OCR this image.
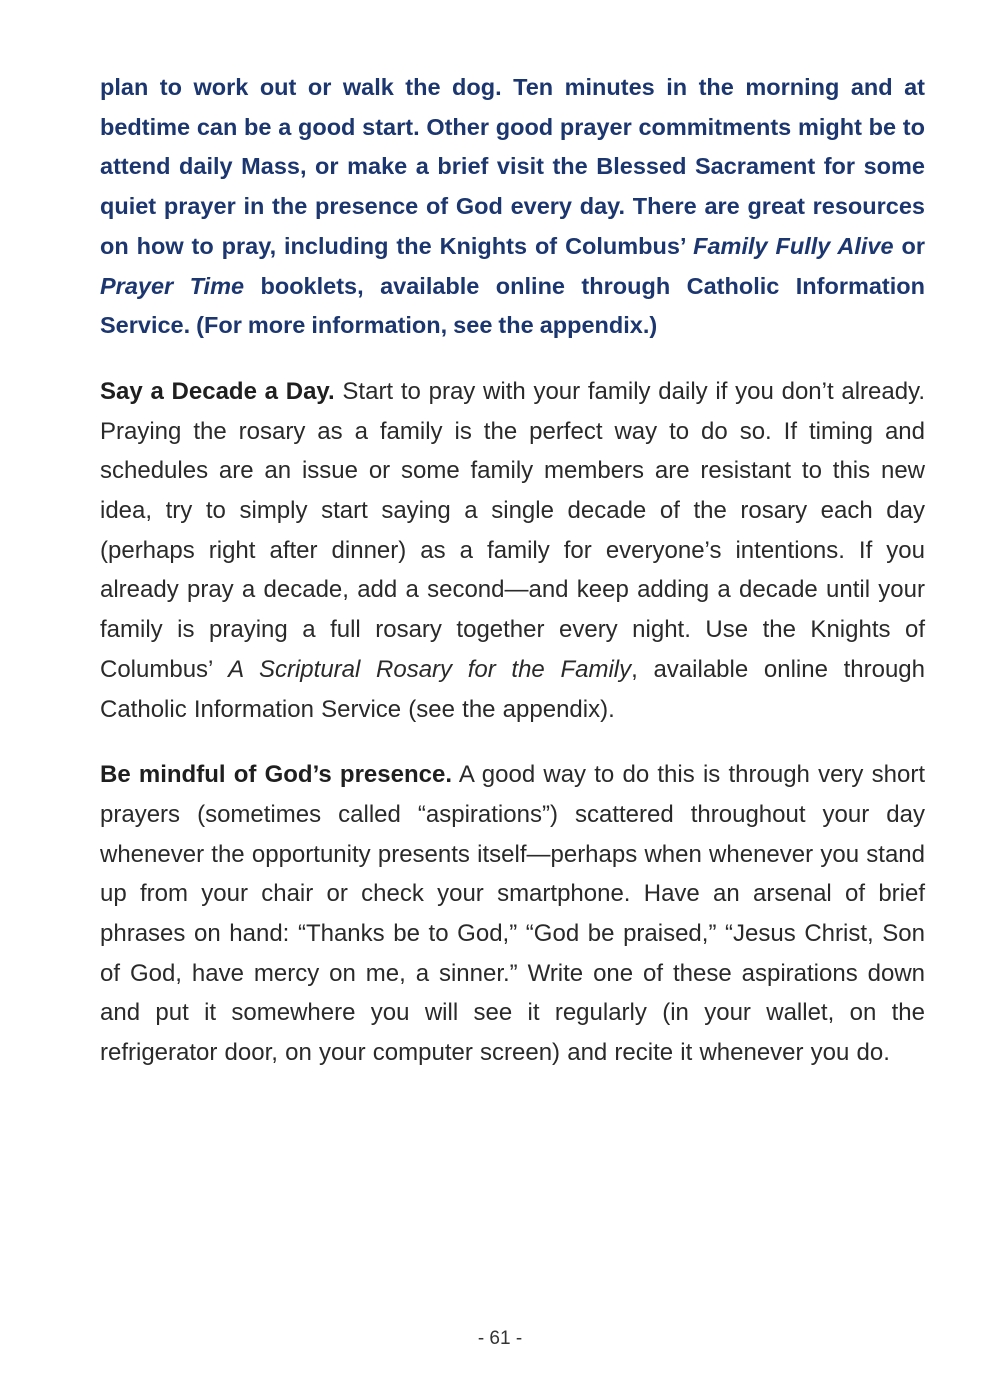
plan to work out or walk the dog. Ten minutes in the morning and at bedtime can be a good start. Other good prayer commitments might be to attend daily Mass, or make a brief visit the Blessed Sacrament for some quiet prayer in the presence of God every day. There are great resources on how to pray, including the Knights of Columbus’ Family Fully Alive or Prayer Time booklets, available online through Catholic Information Service. (For more information, see the appendix.)

Say a Decade a Day. Start to pray with your family daily if you don’t already. Praying the rosary as a family is the perfect way to do so. If timing and schedules are an issue or some family members are resistant to this new idea, try to simply start saying a single decade of the rosary each day (perhaps right after dinner) as a family for everyone’s intentions. If you already pray a decade, add a second—and keep adding a decade until your family is praying a full rosary together every night. Use the Knights of Columbus’ A Scriptural Rosary for the Family, available online through Catholic Information Service (see the appendix).

Be mindful of God’s presence. A good way to do this is through very short prayers (sometimes called “aspirations”) scattered throughout your day whenever the opportunity presents itself—perhaps when whenever you stand up from your chair or check your smartphone. Have an arsenal of brief phrases on hand: “Thanks be to God,” “God be praised,” “Jesus Christ, Son of God, have mercy on me, a sinner.” Write one of these aspirations down and put it somewhere you will see it regularly (in your wallet, on the refrigerator door, on your computer screen) and recite it whenever you do.

- 61 -
